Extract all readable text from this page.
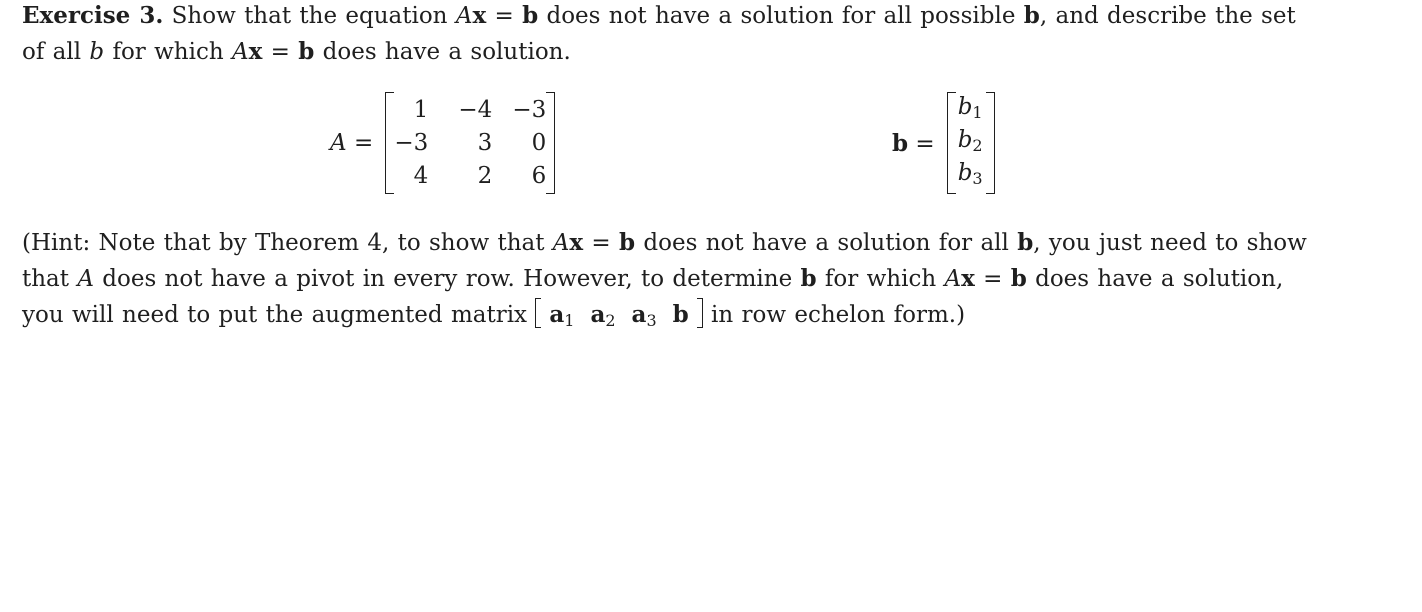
Exercise 3. Show that the equation Ax = b does not have a solution for all possible b, and describe the set of all b for which Ax = b does have a solution.

A =
1	−4 −3
−3	3	0
4	2	6
b =
$b_1$
$b_2$
$b_3$

(Hint: Note that by Theorem 4, to show that Ax = b does not have a solution for all b, you just need to show that A does not have a pivot in every row. However, to determine b for which Ax = b does have a solution, you will need to put the augmented matrix $a_1$ $a_2$ $a_3$ b in row echelon form.)
